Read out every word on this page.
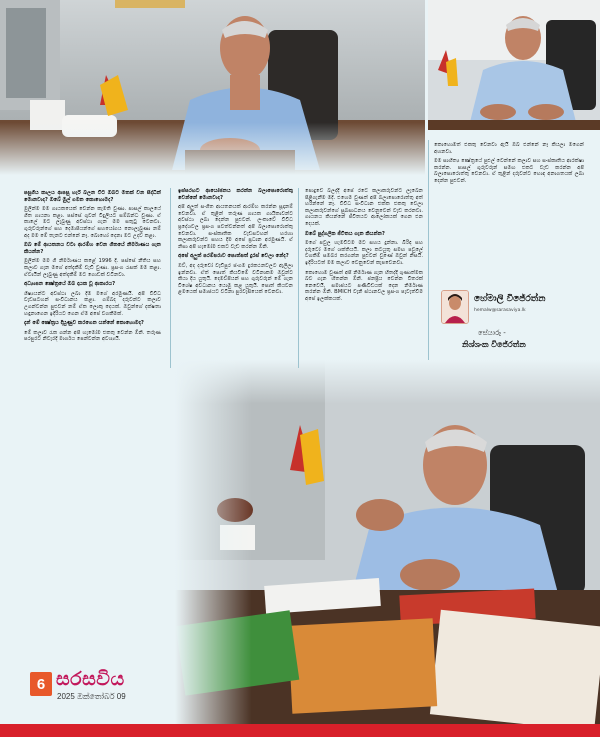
පසුගිය කාලය ආපසු හැරී බලන විට ඔබට මතක් වන සිද්ධීන් මොනවාද? ඔබේ මුල් ගමන කොහොමද?

මුලින්ම මම ගායකයෙක් වෙන්න කැමති වුණා. පාසල් කාලයේ ගීත ගායනා කළා. පස්සේ ගුවන් විදුලියට සම්බන්ධ වුණා. ඒ කාලේ මට ලැබුණු අවස්ථා ගැන මම සතුටු වෙනවා. ගුරුවරුන්ගේ සහ දෙමාපියන්ගේ සහයෝගය නොලැබුණා නම් අද මම මේ තැනට එන්නේ නෑ. බොහෝ දෙනා මට උදව් කළා.

ඔබ මේ ආයතනය වටා ආරම්භ වෙන ගීතයේ නිර්මාණය ගැන කියන්න?

මුලින්ම මම ගී නිර්මාණය කළේ 1996 දී. පස්සේ නීතිය සහ කලාව ගැන මගේ අත්දැකීම් වැඩි වුණා. ප්‍රසංග රැසක් මම කළා. ඒවායින් ලැබුණු අත්දැකීම් මට ගොඩක් වටිනවා.

අධ්‍යාපන ක්‍ෂේත්‍රයේ ඔබ දායක වූ ආකාරය?

ශිෂ්‍යයන්ට අවස්ථා ලබා දීම මගේ අරමුණයි. අපි විවිධ වැඩසටහන් සංවිධානය කළා. ගම්බද දරුවන්ට කලාව උගන්වන්න පුළුවන් නම් ඒක ලොකු දෙයක්. ඔවුන්ගේ දක්ෂතා හඳුනාගෙන ඉදිරියට ගෙන ඒම අපේ වගකීමක්.

දැන් මේ ක්‍ෂේත්‍රය දියුණුව කරගෙන යන්නේ කොහොමද?

මේ කලාව රැක ගන්න අපි හැමෝම එකතු වෙන්න ඕනි. තරුණ පරපුරට නිවැරදි මාර්ගය පෙන්වන්න අවශ්‍යයි.

ඉස්සරහට ආයෝජනය කරන්න බලාපොරොත්තු වෙන්නේ මොනවාද?

අපි අලුත් සංගීත ආයතනයක් ආරම්භ කරන්න සූදානම් වෙනවා. ඒ තුළින් තරුණ ගායක ගායිකාවන්ට අවස්ථා ලබා දෙන්න පුළුවන්. ලංකාවේ විවිධ ප්‍රදේශවල ප්‍රසංග පවත්වන්නත් අපි බලාපොරොත්තු වෙනවා. සංස්කෘතික වැඩසටහන් හරහා කලාකරුවන්ට සහය දීම අපේ ප්‍රධාන අරමුණයි. ඒ නිසා අපි හැමෝම එකට වැඩ කරන්න ඕනි.

අපේ අලුත් පරම්පරාව පොත්පත් දුරස් වෙලා නේද?

ඔව්, අද දරුවෝ වැඩිපුර ජංගම දුරකථනවලට ඇලිලා ඉන්නවා. ඒත් පොත් කියවීමේ වටිනාකම ඔවුන්ට කියා දිය යුතුයි. දෙමව්පියන් සහ ගුරුවරුන් මේ ගැන විශේෂ අවධානය යොමු කළ යුතුයි. පොත් කියවන ළමයෙක් සමාජයට වටිනා පුරවැසියෙක් වෙනවා.

පොදුවේ බලද්දී අපේ රටේ කලාකරුවන්ට ලැබෙන පිළිගැනීම මදි. එහෙම වුණත් අපි බලාපොරොත්තු අත් හරින්නේ නෑ. විවිධ සංවිධාන එක්ක එකතු වෙලා කලාකරුවන්ගේ සුබසාධනය වෙනුවෙන් වැඩ කරනවා. ගායනය කියන්නේ ජීවිතයට ආලෝකයක් ගෙන එන දෙයක්.

ඔබේ පුද්ගලික ජීවිතය ගැන කියන්න?

මගේ පවුල හැමවිටම මට සහය දුන්නා. බිරිඳ සහ දරුවෝ මගේ ශක්තියයි. කලා කටයුතු සමඟ පවුලේ වගකීම් සමබර කරගන්න පුළුවන් වුණේ ඔවුන් නිසයි. ඉදිරියටත් මම කලාව වෙනුවෙන් කැපවෙනවා.

කොහොම වුණත් අපි නිර්මාණ ගැන හිතද්දී ගුණාත්මක බව ගැන හිතන්න ඕනි. ජනප්‍රිය වෙන්න විතරක් නෙවෙයි, සමාජයට පණිවිඩයක් දෙන නිර්මාණ කරන්න ඕනි. BMICH වැනි ස්ථානවල ප්‍රසංග පැවැත්වීම අපේ ඉලක්කයක්.

කොහොමත් එකතු වෙනවා ඇයි ඔබ එන්නේ නෑ කියලා මගෙන් අහනවා.

මම සාහිත්‍ය ක්‍ෂේත්‍රයේ පුළුල් වෙන්නේ කලාව සහ සංස්කෘතිය ආරක්ෂා කරන්න. පාසල් ගුරුවරුන් සමඟ එකට වැඩ කරන්න අපි බලාපොරොත්තු වෙනවා. ඒ තුළින් දරුවන්ට හොඳ අනාගතයක් ලබා දෙන්න පුළුවන්.

හේමාලි විජේරත්න
hemalw@sarasaviya.lk
සේයාරූ -
නිශ්ශංක විජේරත්න
6 සරසවිය
2025 ඔක්තෝබර් 09
